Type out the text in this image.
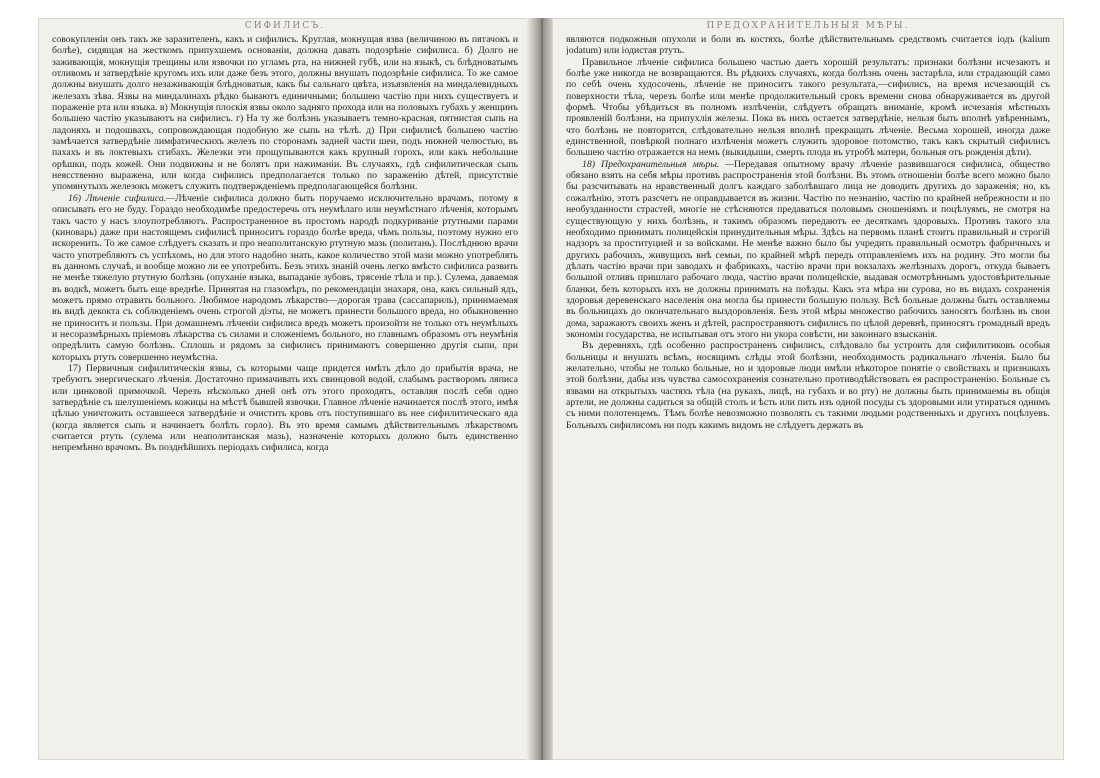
СИФИЛИСЪ.

совокупленіи онъ такъ же заразителенъ, какъ и сифилисъ. Круглая, мокнущая язва (величиною въ пятачокъ и болѣе), сидящая на жесткомъ припухшемъ основаніи, должна давать подозрѣніе сифилиса. б) Долго не заживающія, мокнущія трещины или язвочки по угламъ рта, на нижней губѣ, или на языкѣ, съ блѣдноватымъ отливомъ и затвердѣніе кругомъ ихъ или даже безъ этого, должны внушать подозрѣніе сифилиса. То же самое должны внушать долго незаживающія блѣдноватыя, какъ бы сальнаго цвѣта, изъязвленія на миндалевидныхъ железахъ зѣва. Язвы на миндалинахъ рѣдко бываютъ единичными; большею частію при нихъ существуетъ и пораженіе рта или языка. в) Мокнущія плоскія язвы около задняго прохода или на половыхъ губахъ у женщинъ большею частію указываютъ на сифилисъ. г) На ту же болѣзнь указываетъ темно-красная, пятнистая сыпь на ладоняхъ и подошвахъ, сопровождающая подобную же сыпь на тѣлѣ. д) При сифилисѣ большею частію замѣчается затвердѣніе лимфатическихъ железъ по сторонамъ задней части шеи, подъ нижней челюстью, въ пахахъ и въ локтевыхъ сгибахъ. Железки эти прощупываются какъ крупный горохъ, или какъ небольшие орѣшки, подъ кожей. Они подвижны и не болятъ при нажиманіи. Въ случаяхъ, гдѣ сифилитическая сыпь неясственно выражена, или когда сифилисъ предполагается только по зараженію дѣтей, присутствіе упомянутыхъ железокъ можетъ служить подтвержденіемъ предполагающейся болѣзни.

16) Лѣченіе сифилиса.—Лѣченіе сифилиса должно быть поручаемо исключительно врачамъ, потому я описывать его не буду. Гораздо необходимѣе предостеречь отъ неумѣлаго или неумѣстнаго лѣченія, которымъ такъ часто у насъ злоупотребляютъ. Распространенное въ простомъ народѣ подкуриваніе ртутными парами (киноварь) даже при настоящемъ сифилисѣ приноситъ гораздо болѣе вреда, чѣмъ пользы, поэтому нужно его искоренить. То же самое слѣдуетъ сказать и про неаполитанскую ртутную мазь (политань). Послѣднюю врачи часто употребляютъ съ успѣхомъ, но для этого надобно знать, какое количество этой мази можно употреблять въ данномъ случаѣ, и вообще можно ли ее употребить. Безъ этихъ знаній очень легко вмѣсто сифилиса развить не менѣе тяжелую ртутную болѣзнь (опуханіе языка, выпаданіе зубовъ, трясеніе тѣла и пр.). Сулема, даваемая въ водкѣ, можетъ быть еще вреднѣе. Принятая на глазомѣръ, по рекомендаціи знахаря, она, какъ сильный ядъ, можетъ прямо отравить больного. Любимое народомъ лѣкарство—дорогая трава (сассапариль), принимаемая въ видѣ декокта съ соблюденіемъ очень строгой діэты, не можетъ принести большого вреда, но обыкновенно не приноситъ и пользы. При домашнемъ лѣченіи сифилиса вредъ можетъ произойти не только отъ неумѣлыхъ и несоразмѣрныхъ пріемовъ лѣкарства съ силами и сложеніемъ больного, но главнымъ образомъ отъ неумѣнія опредѣлить самую болѣзнь. Сплошь и рядомъ за сифилисъ принимаютъ совершенно другія сыпи, при которыхъ ртуть совершенно неумѣстна.

17) Первичныя сифилитическія язвы, съ которыми чаще придется имѣть дѣло до прибытія врача, не требуютъ энергическаго лѣченія. Достаточно примачивать ихъ свинцовой водой, слабымъ растворомъ ляписа или цинковой примочкой. Черезъ нѣсколько дней онѣ отъ этого проходятъ, оставляя послѣ себя одно затвердѣніе съ шелушеніемъ кожицы на мѣстѣ бывшей язвочки. Главное лѣченіе начинается послѣ этого, имѣя цѣлью уничтожить оставшееся затвердѣніе и очистить кровь отъ поступившаго въ нее сифилитическаго яда (когда является сыпь и начинаетъ болѣть горло). Въ это время самымъ дѣйствительнымъ лѣкарствомъ считается ртуть (сулема или неаполитанская мазь), назначеніе которыхъ должно быть единственно непремѣнно врачомъ. Въ позднѣйшихъ періодахъ сифилиса, когда

ПРЕДОХРАНИТЕЛЬНЫЯ МѢРЫ.

являются подкожныя опухоли и боли въ костяхъ, болѣе дѣйствительнымъ средствомъ считается іодъ (kalium jodatum) или іодистая ртуть.

Правильное лѣченіе сифилиса большею частью даетъ хорошій результатъ: признаки болѣзни исчезаютъ и болѣе уже никогда не возвращаются. Въ рѣдкихъ случаяхъ, когда болѣзнь очень застарѣла, или страдающій само по себѣ очень худосочень, лѣченіе не приноситъ такого результата,—сифилисъ, на время исчезающій съ поверхности тѣла, черезъ болѣе или менѣе продолжительный срокъ времени снова обнаруживается въ другой формѣ. Чтобы убѣдиться въ полномъ излѣченіи, слѣдуетъ обращать вниманіе, кромѣ исчезанія мѣстныхъ проявленій болѣзни, на припухлія железы. Пока въ нихъ остается затвердѣніе, нельзя быть вполнѣ увѣреннымъ, что болѣзнь не повторится, слѣдовательно нельзя вполнѣ прекращать лѣченіе. Весьма хорошей, иногда даже единственной, повѣркой полнаго излѣченія можетъ служить здоровое потомство, такъ какъ скрытый сифилисъ большею частію отражается на немъ (выкидыши, смерть плода въ утробѣ матери, больныя отъ рожденія дѣти).

18) Предохранительныя мѣры. —Передавая опытному врачу лѣченіе развившагося сифилиса, общество обязано взять на себя мѣры противъ распространенія этой болѣзни. Въ этомъ отношеніи болѣе всего можно было бы разсчитывать на нравственный долгъ каждаго заболѣвшаго лица не доводить другихъ до зараженія; но, къ сожалѣнію, этотъ разсчетъ не оправдывается въ жизни. Частію по незнанію, частію по крайней небрежности и по необузданности страстей, многіе не стѣсняются предаваться половымъ сношеніямъ и поцѣлуямъ, не смотря на существующую у нихъ болѣзнь, и такимъ образомъ передаютъ ее десяткамъ здоровыхъ. Противъ такого зла необходимо принимать полицейскія принудительныя мѣры. Здѣсь на первомъ планѣ стоитъ правильный и строгій надзоръ за проституцией и за войсками. Не менѣе важно было бы учредить правильный осмотръ фабричныхъ и другихъ рабочихъ, живущихъ внѣ семьи, по крайней мѣрѣ передъ отправленіемъ ихъ на родину. Это могли бы дѣлать частію врачи при заводахъ и фабрикахъ, частію врачи при вокзалахъ желѣзныхъ дорогъ, откуда бываетъ большой отливъ пришлаго рабочаго люда, частію врачи полицейскіе, выдавая осмотрѣннымъ удостовѣрительные бланки, безъ которыхъ ихъ не должны принимать на поѣзды. Какъ эта мѣра ни сурова, но въ видахъ сохраненія здоровья деревенскаго населенія она могла бы принести большую пользу. Всѣ больные должны быть оставляемы въ больницахъ до окончательнаго выздоровленія. Безъ этой мѣры множество рабочихъ заносятъ болѣзнь въ свои дома, заражаютъ своихъ женъ и дѣтей, распространяютъ сифилисъ по цѣлой деревнѣ, приносятъ громадный вредъ экономіи государства, не испытывая отъ этого ни укора совѣсти, ни законнаго взысканія.

Въ деревняхъ, гдѣ особенно распространенъ сифилисъ, слѣдовало бы устроить для сифилитиковъ особыя больницы и внушать всѣмъ, носящимъ слѣды этой болѣзни, необходимость радикальнаго лѣченія. Было бы желательно, чтобы не только больные, но и здоровые люди имѣли нѣкоторое понятіе о свойствахъ и признакахъ этой болѣзни, дабы изъ чувства самосохраненія сознательно противодѣйствовать ея распространенію. Больные съ язвами на открытыхъ частяхъ тѣла (на рукахъ, лицѣ, на губахъ и во рту) не должны быть принимаемы въ общія артели, не должны садиться за общій столъ и ѣсть или пить изъ одной посуды съ здоровыми или утираться однимъ съ ними полотенцемъ. Тѣмъ болѣе невозможно позволять съ такими людьми родственныхъ и другихъ поцѣлуевъ. Больныхъ сифилисомъ ни подъ какимъ видомъ не слѣдуетъ держать въ
